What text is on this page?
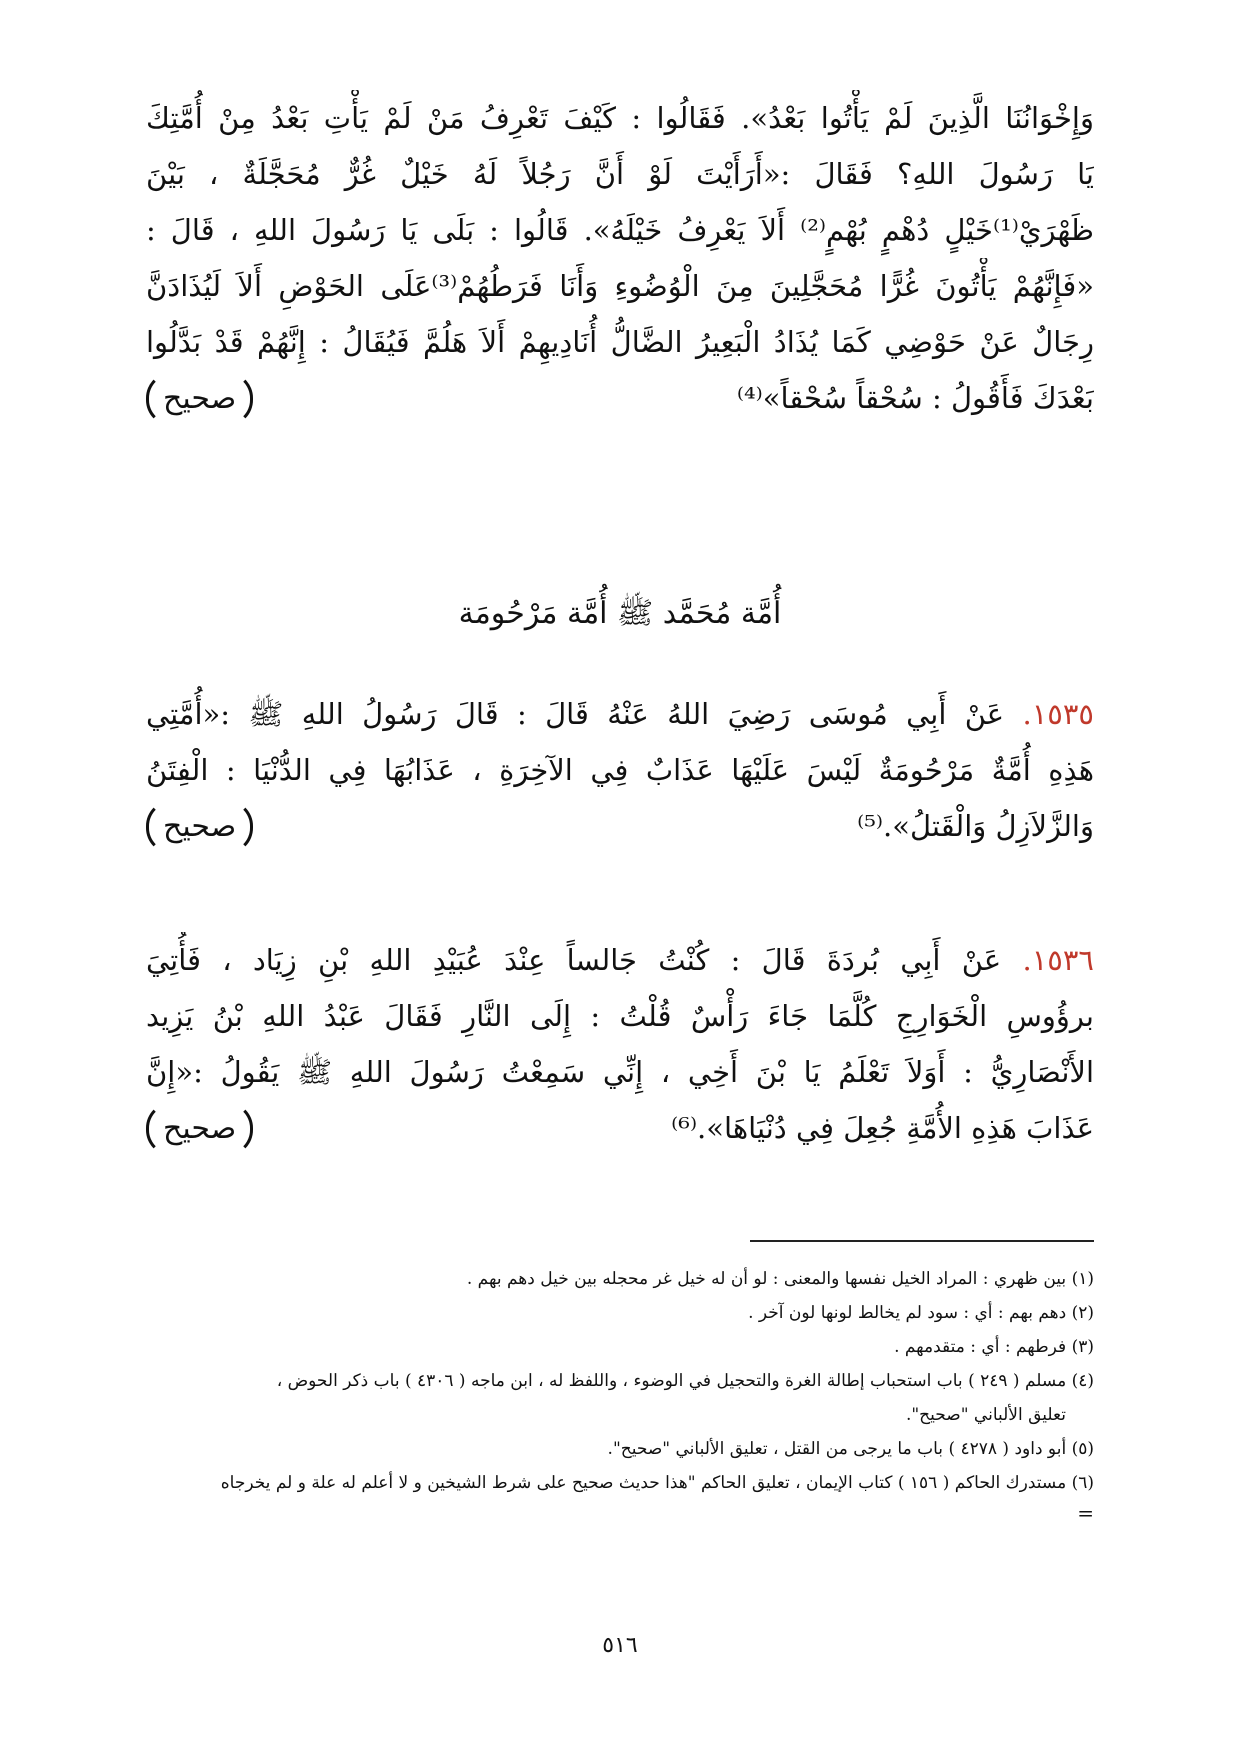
وَإِخْوَانُنَا الَّذِينَ لَمْ يَأْتُوا بَعْدُ». فَقَالُوا : كَيْفَ تَعْرِفُ مَنْ لَمْ يَأْتِ بَعْدُ مِنْ أُمَّتِكَ
يَا رَسُولَ اللهِ؟ فَقَالَ :«أَرَأَيْتَ لَوْ أَنَّ رَجُلاً لَهُ خَيْلٌ غُرٌّ مُحَجَّلَةٌ ، بَيْنَ
ظَهْرَيْ⁽¹⁾خَيْلٍ دُهْمٍ بُهْمٍ⁽²⁾ أَلاَ يَعْرِفُ خَيْلَهُ». قَالُوا : بَلَى يَا رَسُولَ اللهِ ، قَالَ :
«فَإِنَّهُمْ يَأْتُونَ غُرًّا مُحَجَّلِينَ مِنَ الْوُضُوءِ وَأَنَا فَرَطُهُمْ⁽³⁾عَلَى الحَوْضِ أَلاَ لَيُذَادَنَّ
رِجَالٌ عَنْ حَوْضِي كَمَا يُذَادُ الْبَعِيرُ الضَّالُّ أُنَادِيهِمْ أَلاَ هَلُمَّ فَيُقَالُ : إِنَّهُمْ قَدْ بَدَّلُوا
بَعْدَكَ فَأَقُولُ : سُحْقاً سُحْقاً»⁽⁴⁾
صحيح
أُمَّة مُحَمَّد ﷺ أُمَّة مَرْحُومَة
١٥٣٥. عَنْ أَبِي مُوسَى رَضِيَ اللهُ عَنْهُ قَالَ : قَالَ رَسُولُ اللهِ ﷺ :«أُمَّتِي
هَذِهِ أُمَّةٌ مَرْحُومَةٌ لَيْسَ عَلَيْهَا عَذَابٌ فِي الآخِرَةِ ، عَذَابُهَا فِي الدُّنْيَا : الْفِتَنُ
وَالزَّلاَزِلُ وَالْقَتلُ».⁽⁵⁾
صحيح
١٥٣٦. عَنْ أَبِي بُردَةَ قَالَ : كُنْتُ جَالساً عِنْدَ عُبَيْدِ اللهِ بْنِ زِيَاد ، فَأُتِيَ
برؤُوسِ الْخَوَارِجِ كُلَّمَا جَاءَ رَأْسٌ قُلْتُ : إِلَى النَّارِ فَقَالَ عَبْدُ اللهِ بْنُ يَزِيد
الأَنْصَارِيُّ : أَوَلاَ تَعْلَمُ يَا بْنَ أَخِي ، إِنِّي سَمِعْتُ رَسُولَ اللهِ ﷺ يَقُولُ :«إِنَّ
عَذَابَ هَذِهِ الأُمَّةِ جُعِلَ فِي دُنْيَاهَا».⁽⁶⁾
صحيح
(١) بين ظهري : المراد الخيل نفسها والمعنى : لو أن له خيل غر محجله بين خيل دهم بهم .
(٢) دهم بهم : أي : سود لم يخالط لونها لون آخر .
(٣) فرطهم : أي : متقدمهم .
(٤) مسلم ( ٢٤٩ ) باب استحباب إطالة الغرة والتحجيل في الوضوء ، واللفظ له ، ابن ماجه ( ٤٣٠٦ ) باب ذكر الحوض ،
تعليق الألباني "صحيح".
(٥) أبو داود ( ٤٢٧٨ ) باب ما يرجى من القتل ، تعليق الألباني "صحيح".
(٦) مستدرك الحاكم ( ١٥٦ ) كتاب الإيمان ، تعليق الحاكم "هذا حديث صحيح على شرط الشيخين و لا أعلم له علة و لم يخرجاه
=
٥١٦
